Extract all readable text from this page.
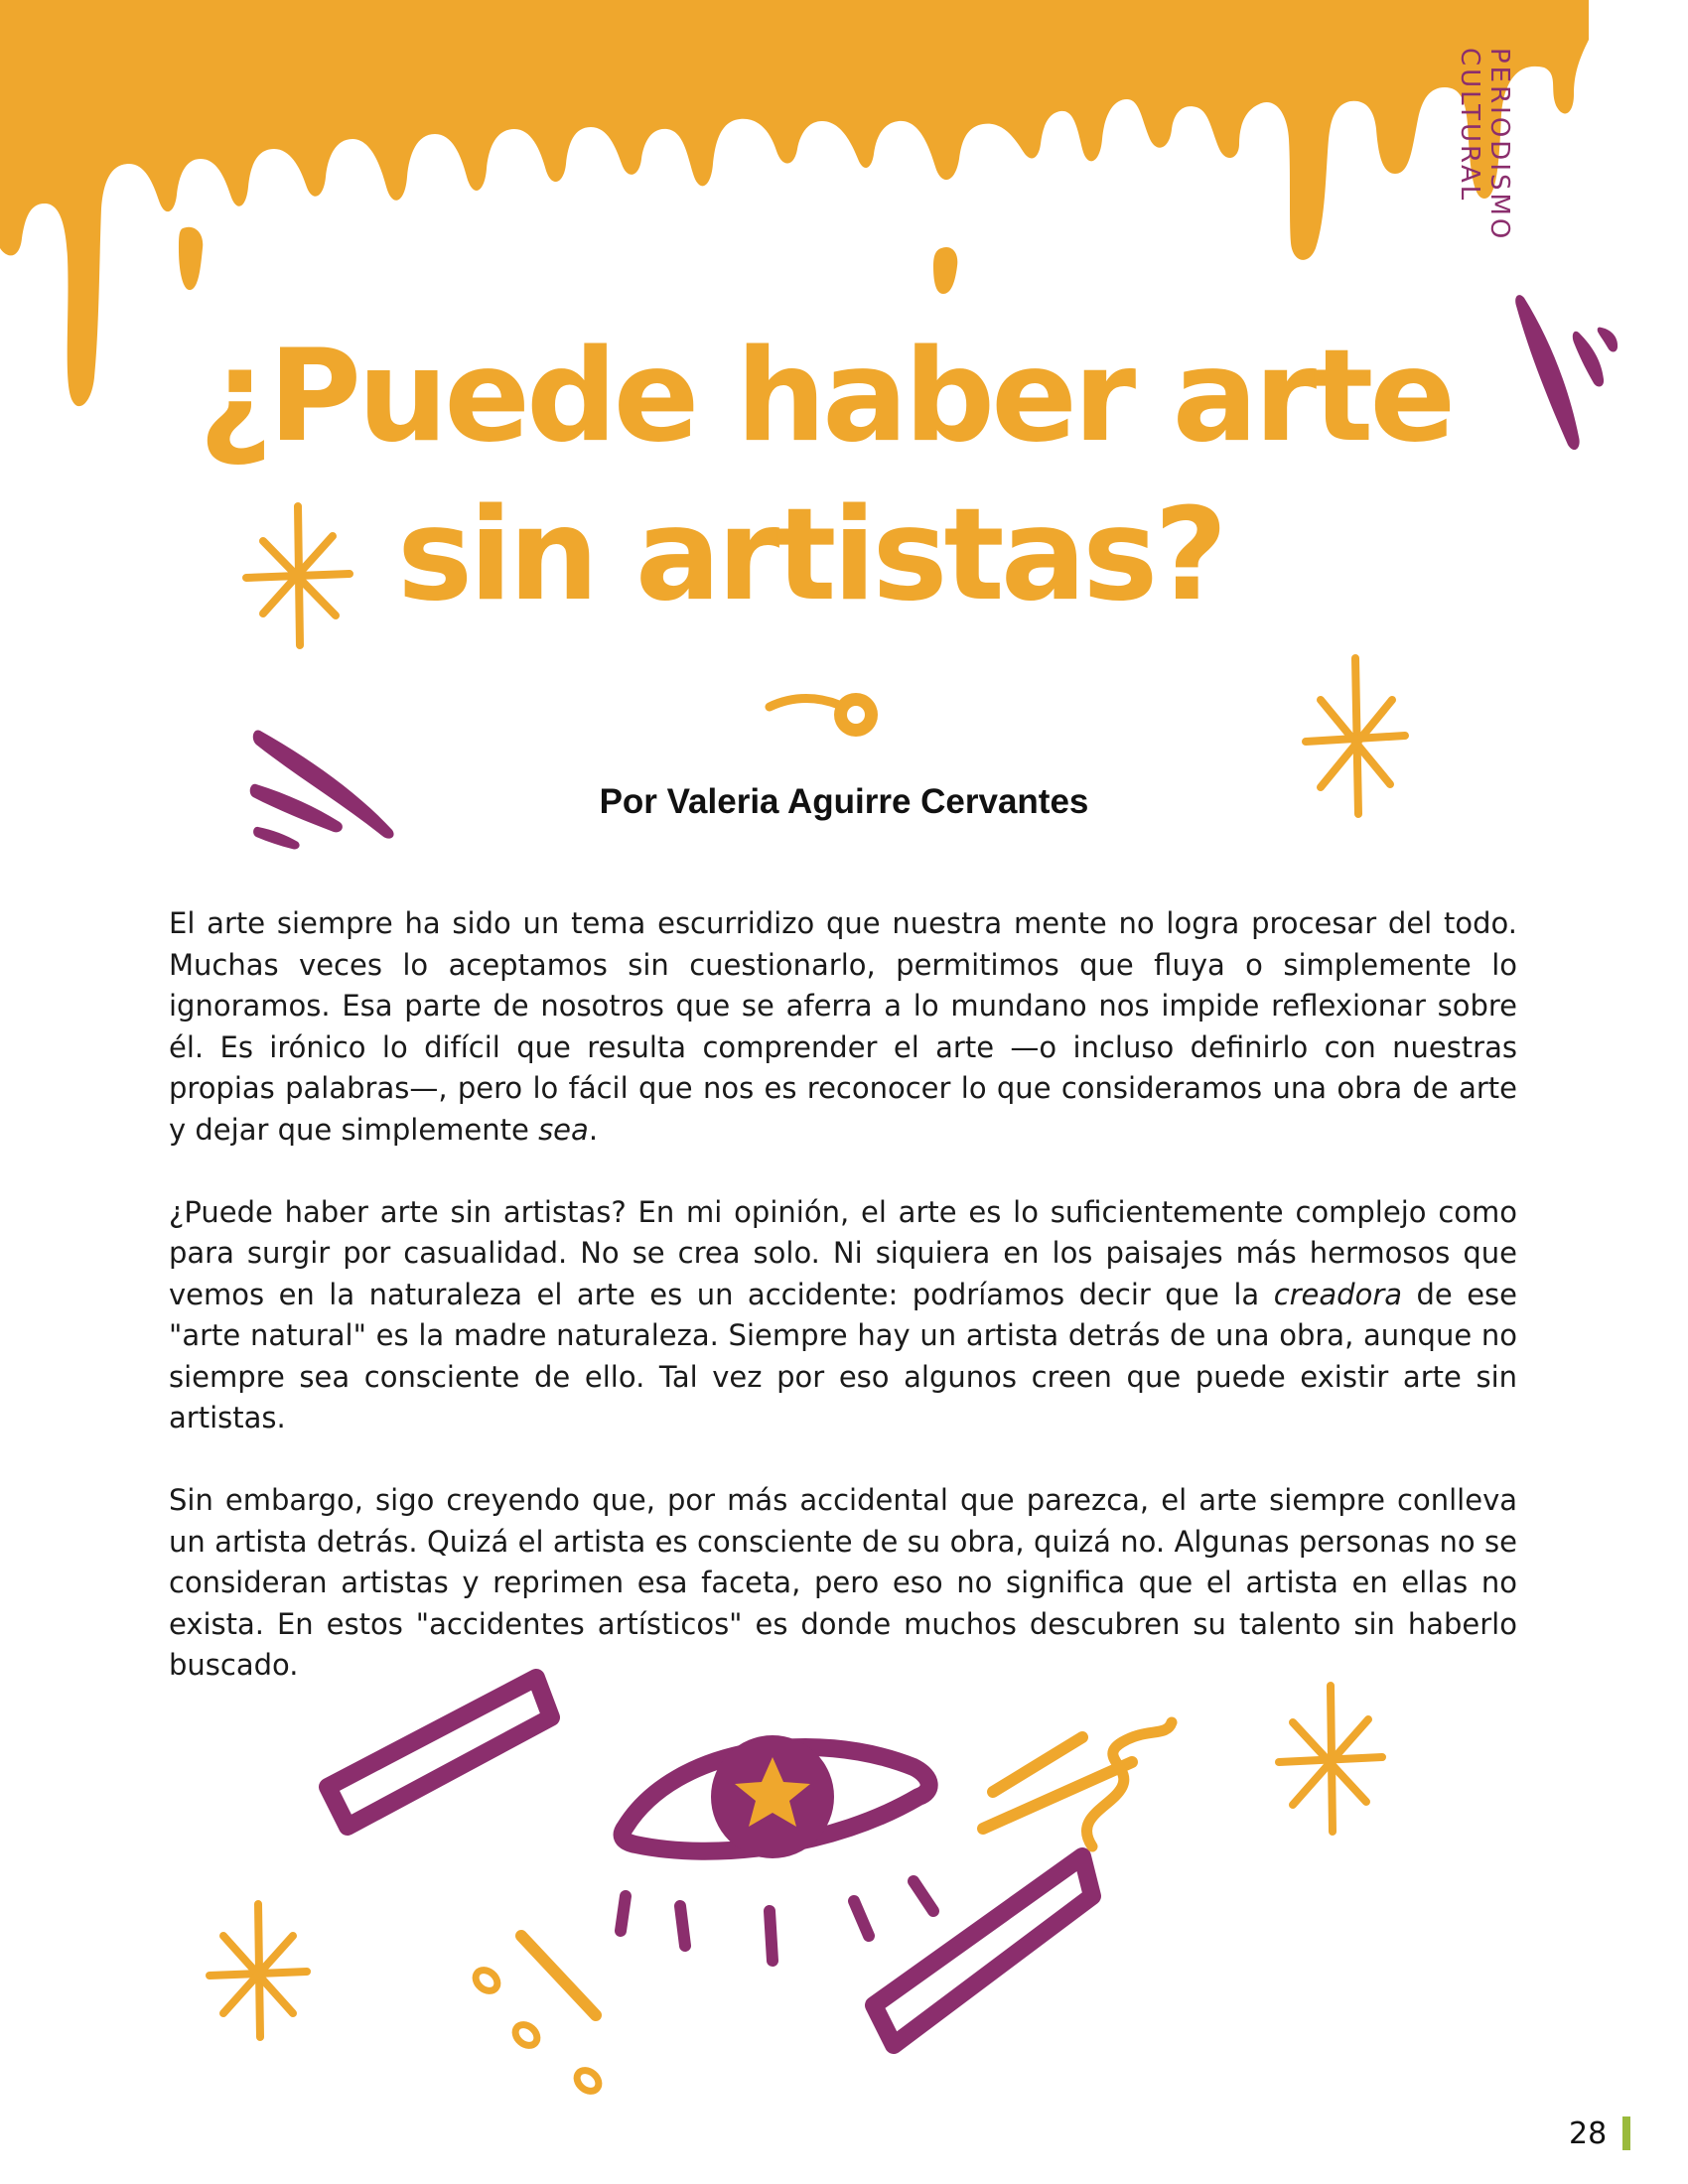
PERIODISMO
CULTURAL
¿Puede haber arte
sin artistas?
Por Valeria Aguirre Cervantes

El arte siempre ha sido un tema escurridizo que nuestra mente no logra procesar del todo. Muchas veces lo aceptamos sin cuestionarlo, permitimos que fluya o simplemente lo ignoramos. Esa parte de nosotros que se aferra a lo mundano nos impide reflexionar sobre él. Es irónico lo difícil que resulta comprender el arte —o incluso definirlo con nuestras propias palabras—, pero lo fácil que nos es reconocer lo que consideramos una obra de arte y dejar que simplemente sea.

¿Puede haber arte sin artistas? En mi opinión, el arte es lo suficientemente complejo como para surgir por casualidad. No se crea solo. Ni siquiera en los paisajes más hermosos que vemos en la naturaleza el arte es un accidente: podríamos decir que la creadora de ese "arte natural" es la madre naturaleza. Siempre hay un artista detrás de una obra, aunque no siempre sea consciente de ello. Tal vez por eso algunos creen que puede existir arte sin artistas.

Sin embargo, sigo creyendo que, por más accidental que parezca, el arte siempre conlleva un artista detrás. Quizá el artista es consciente de su obra, quizá no. Algunas personas no se consideran artistas y reprimen esa faceta, pero eso no significa que el artista en ellas no exista. En estos "accidentes artísticos" es donde muchos descubren su talento sin haberlo buscado.

28
